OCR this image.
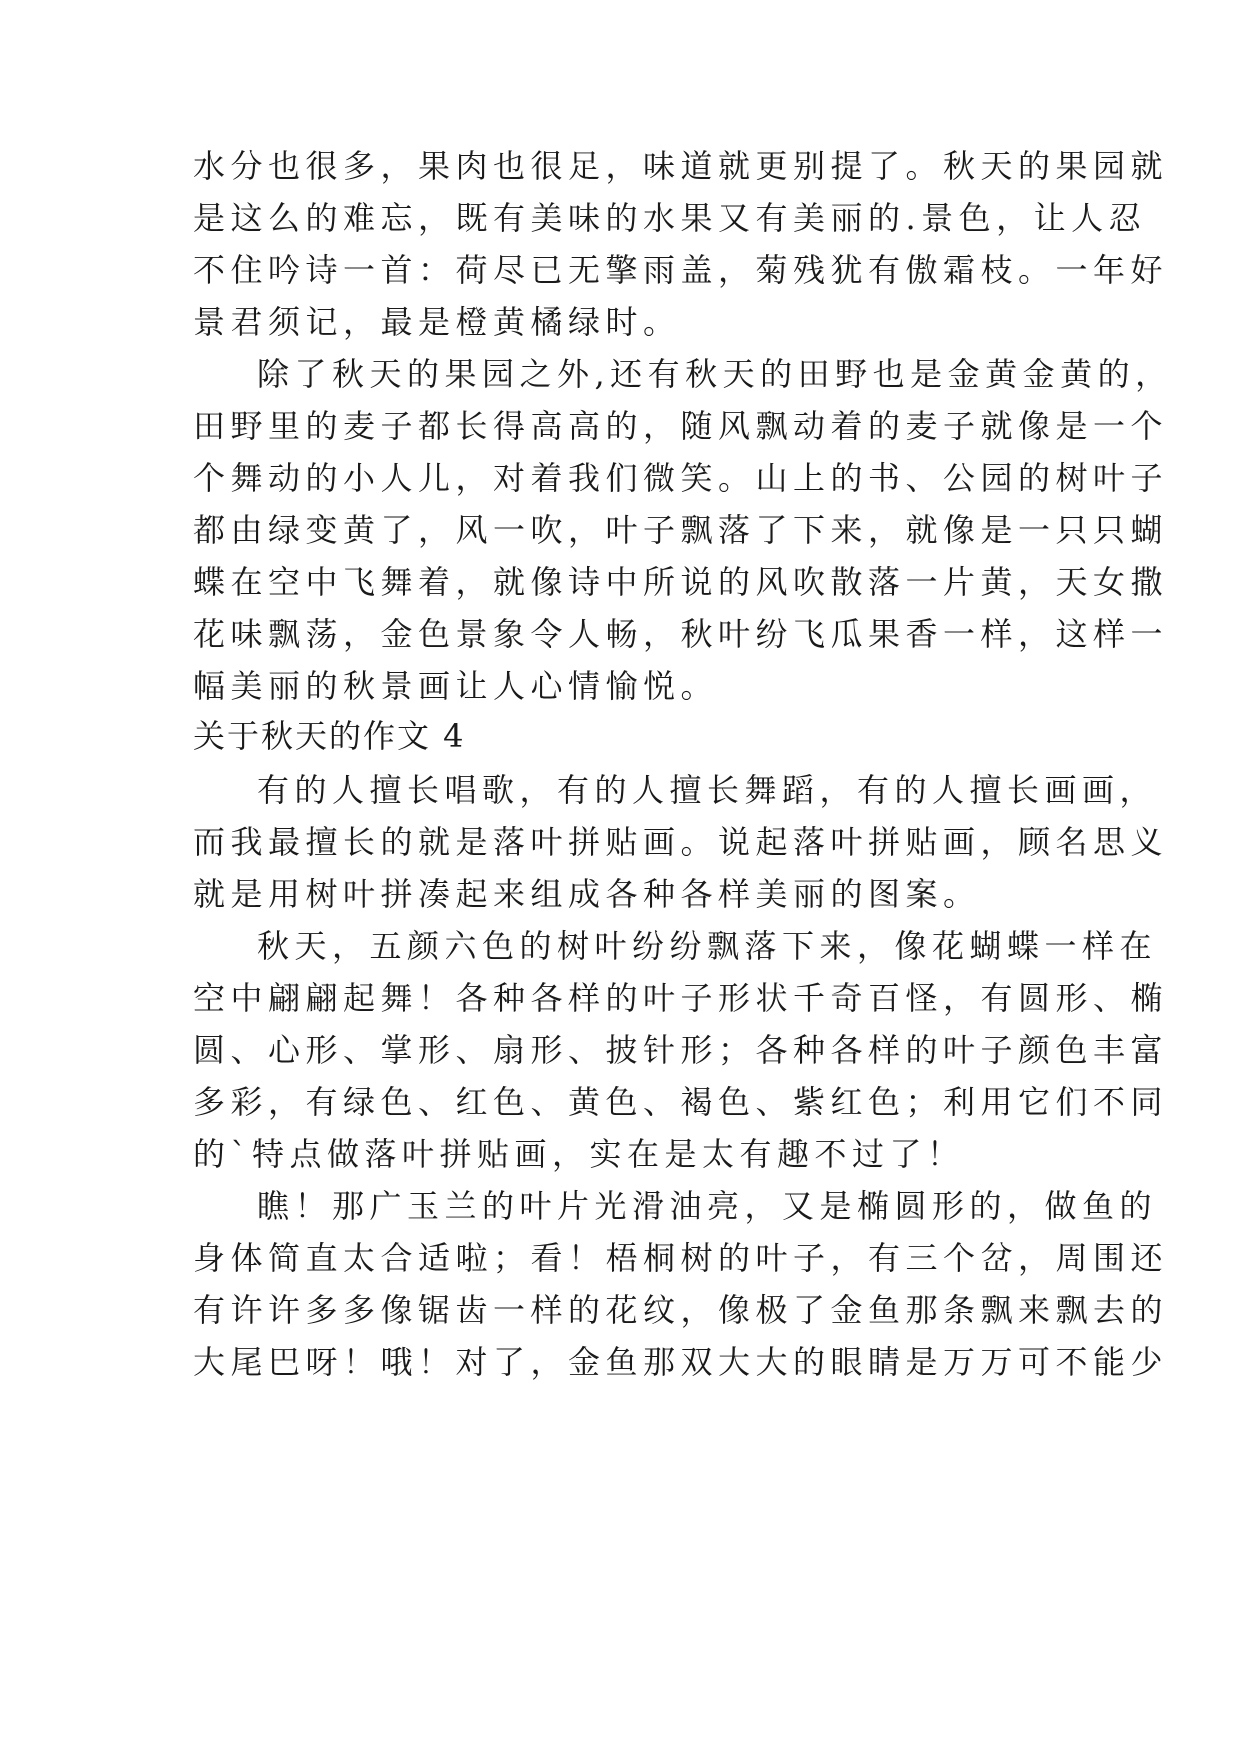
水分也很多，果肉也很足，味道就更别提了。秋天的果园就
是这么的难忘，既有美味的水果又有美丽的.景色，让人忍
不住吟诗一首：荷尽已无擎雨盖，菊残犹有傲霜枝。一年好
景君须记，最是橙黄橘绿时。
除了秋天的果园之外,还有秋天的田野也是金黄金黄的，
田野里的麦子都长得高高的，随风飘动着的麦子就像是一个
个舞动的小人儿，对着我们微笑。山上的书、公园的树叶子
都由绿变黄了，风一吹，叶子飘落了下来，就像是一只只蝴
蝶在空中飞舞着，就像诗中所说的风吹散落一片黄，天女撒
花味飘荡，金色景象令人畅，秋叶纷飞瓜果香一样，这样一
幅美丽的秋景画让人心情愉悦。
关于秋天的作文 4
有的人擅长唱歌，有的人擅长舞蹈，有的人擅长画画，
而我最擅长的就是落叶拼贴画。说起落叶拼贴画，顾名思义
就是用树叶拼凑起来组成各种各样美丽的图案。
秋天，五颜六色的树叶纷纷飘落下来，像花蝴蝶一样在
空中翩翩起舞！各种各样的叶子形状千奇百怪，有圆形、椭
圆、心形、掌形、扇形、披针形；各种各样的叶子颜色丰富
多彩，有绿色、红色、黄色、褐色、紫红色；利用它们不同
的`特点做落叶拼贴画，实在是太有趣不过了！
瞧！那广玉兰的叶片光滑油亮，又是椭圆形的，做鱼的
身体简直太合适啦；看！梧桐树的叶子，有三个岔，周围还
有许许多多像锯齿一样的花纹，像极了金鱼那条飘来飘去的
大尾巴呀！哦！对了，金鱼那双大大的眼睛是万万可不能少
